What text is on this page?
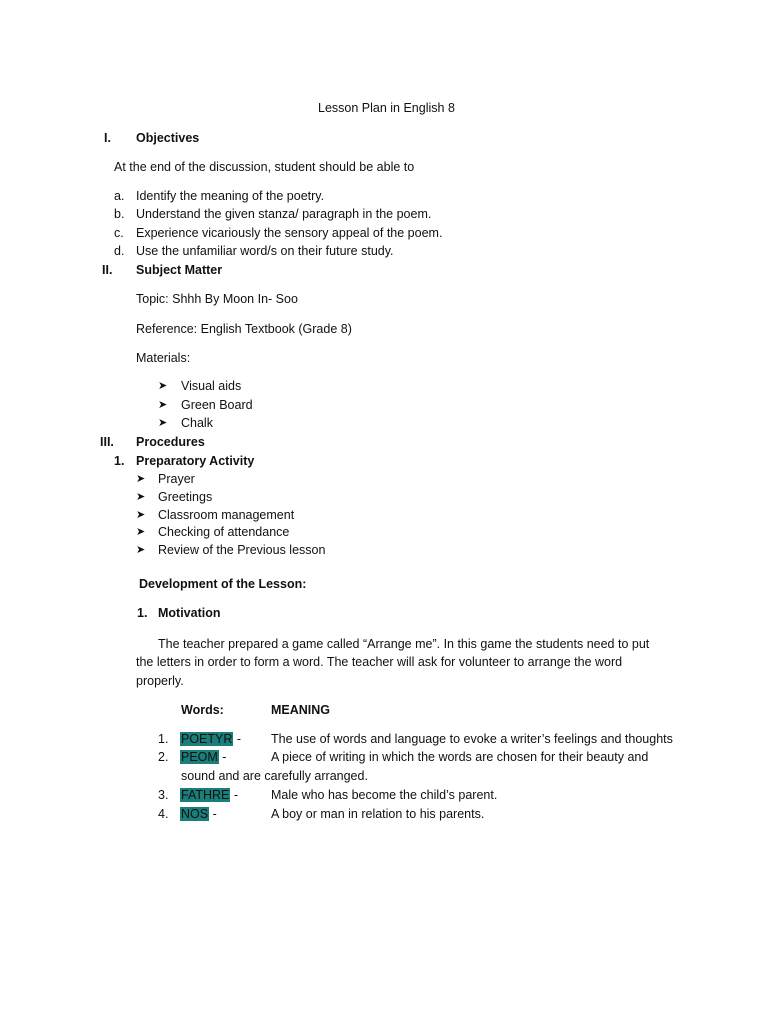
Lesson Plan in English 8
I. Objectives
At the end of the discussion, student should be able to
a. Identify the meaning of the poetry.
b. Understand the given stanza/ paragraph in the poem.
c. Experience vicariously the sensory appeal of the poem.
d. Use the unfamiliar word/s on their future study.
II. Subject Matter
Topic: Shhh By Moon In- Soo
Reference: English Textbook (Grade 8)
Materials:
➤ Visual aids
➤ Green Board
➤ Chalk
III. Procedures
1. Preparatory Activity
➤ Prayer
➤ Greetings
➤ Classroom management
➤ Checking of attendance
➤ Review of the Previous lesson
Development of the Lesson:
1. Motivation
The teacher prepared a game called “Arrange me”. In this game the students need to put
the letters in order to form a word. The teacher will ask for volunteer to arrange the word
properly.
Words:	MEANING
1. POETYR - The use of words and language to evoke a writer’s feelings and thoughts
2. PEOM -	A piece of writing in which the words are chosen for their beauty and
sound and are carefully arranged.
3. FATHRE -	Male who has become the child’s parent.
4. NOS -	A boy or man in relation to his parents.
